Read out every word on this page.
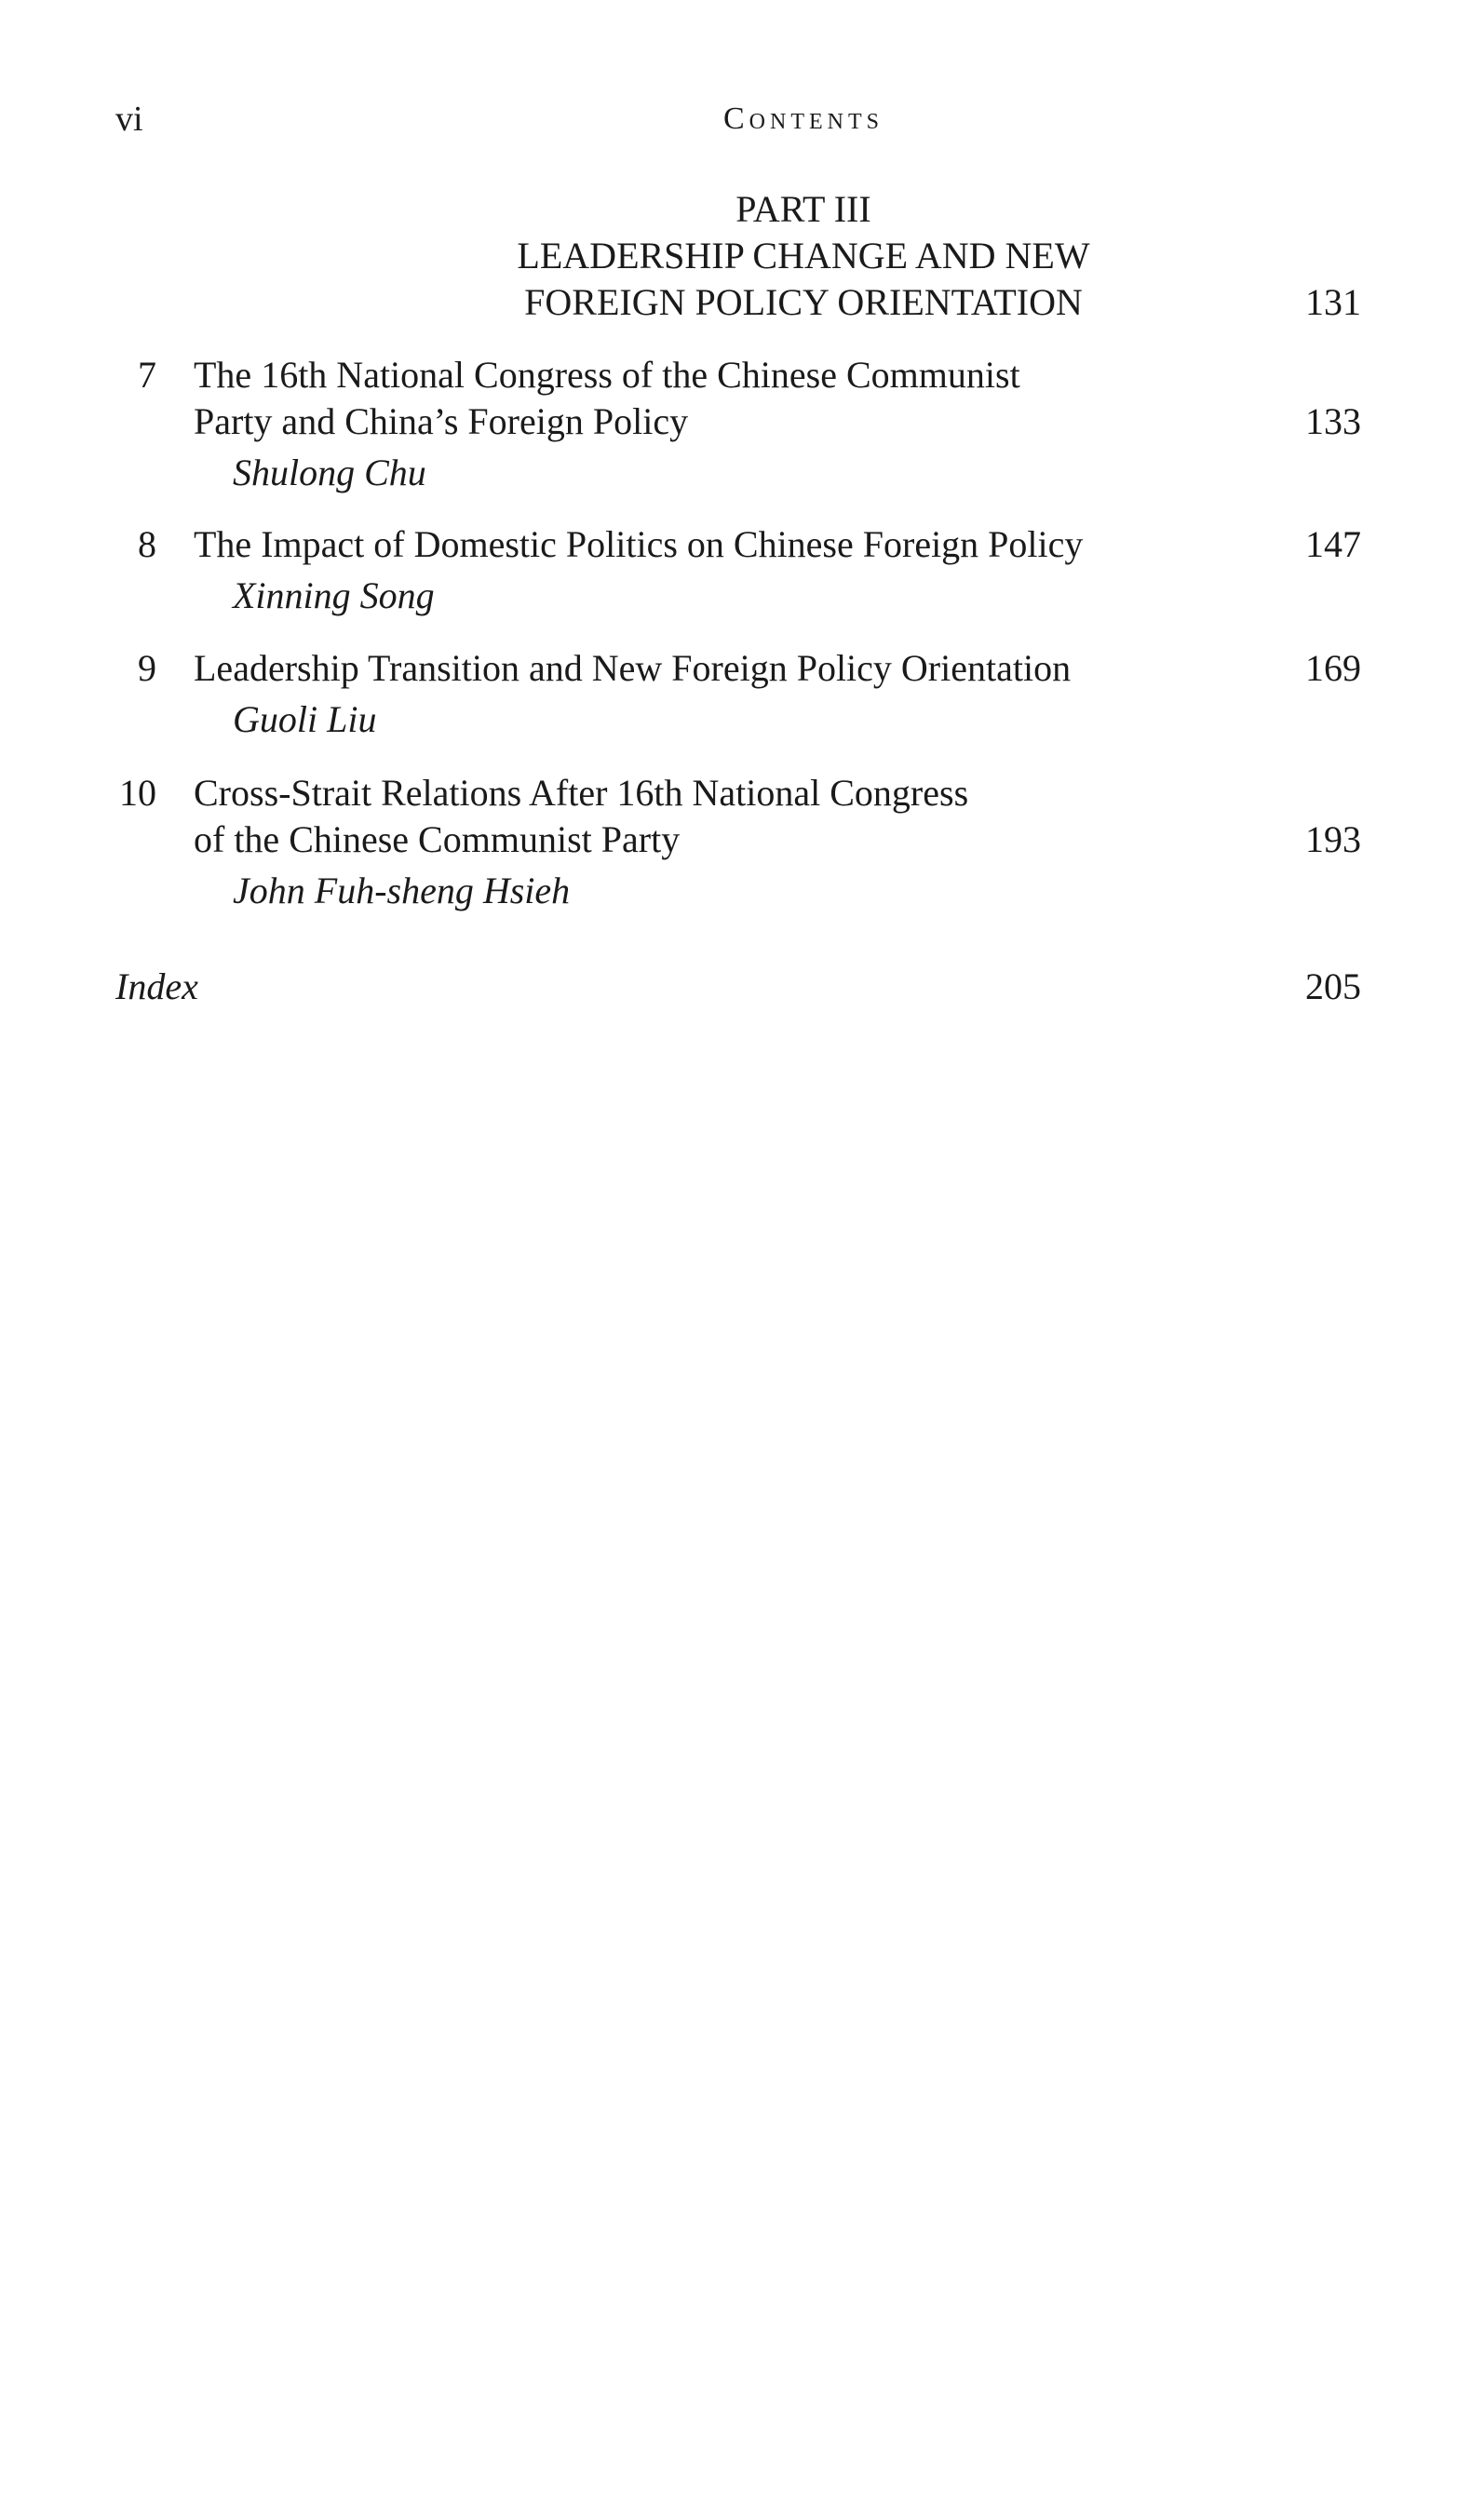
vi	Contents
PART III
LEADERSHIP CHANGE AND NEW
FOREIGN POLICY ORIENTATION	131
7 The 16th National Congress of the Chinese Communist
Party and China’s Foreign Policy	133
Shulong Chu
8 The Impact of Domestic Politics on Chinese Foreign Policy	147
Xinning Song
9 Leadership Transition and New Foreign Policy Orientation	169
Guoli Liu
10 Cross-Strait Relations After 16th National Congress
of the Chinese Communist Party	193
John Fuh-sheng Hsieh
Index	205
